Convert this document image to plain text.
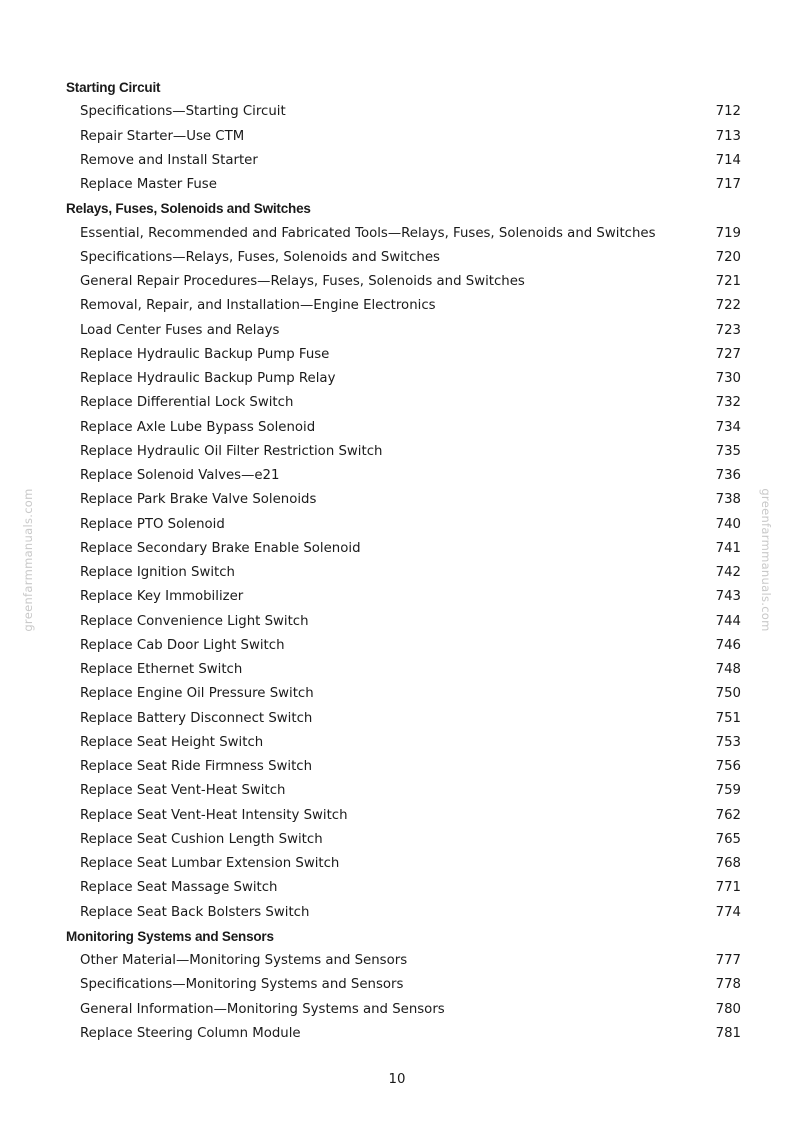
Starting Circuit
Specifications—Starting Circuit	712
Repair Starter—Use CTM	713
Remove and Install Starter	714
Replace Master Fuse	717
Relays, Fuses, Solenoids and Switches
Essential, Recommended and Fabricated Tools—Relays, Fuses, Solenoids and Switches	719
Specifications—Relays, Fuses, Solenoids and Switches	720
General Repair Procedures—Relays, Fuses, Solenoids and Switches	721
Removal, Repair, and Installation—Engine Electronics	722
Load Center Fuses and Relays	723
Replace Hydraulic Backup Pump Fuse	727
Replace Hydraulic Backup Pump Relay	730
Replace Differential Lock Switch	732
Replace Axle Lube Bypass Solenoid	734
Replace Hydraulic Oil Filter Restriction Switch	735
Replace Solenoid Valves—e21	736
Replace Park Brake Valve Solenoids	738
Replace PTO Solenoid	740
Replace Secondary Brake Enable Solenoid	741
Replace Ignition Switch	742
Replace Key Immobilizer	743
Replace Convenience Light Switch	744
Replace Cab Door Light Switch	746
Replace Ethernet Switch	748
Replace Engine Oil Pressure Switch	750
Replace Battery Disconnect Switch	751
Replace Seat Height Switch	753
Replace Seat Ride Firmness Switch	756
Replace Seat Vent-Heat Switch	759
Replace Seat Vent-Heat Intensity Switch	762
Replace Seat Cushion Length Switch	765
Replace Seat Lumbar Extension Switch	768
Replace Seat Massage Switch	771
Replace Seat Back Bolsters Switch	774
Monitoring Systems and Sensors
Other Material—Monitoring Systems and Sensors	777
Specifications—Monitoring Systems and Sensors	778
General Information—Monitoring Systems and Sensors	780
Replace Steering Column Module	781
10
greenfarmmanuals.com	greenfarmmanuals.com
